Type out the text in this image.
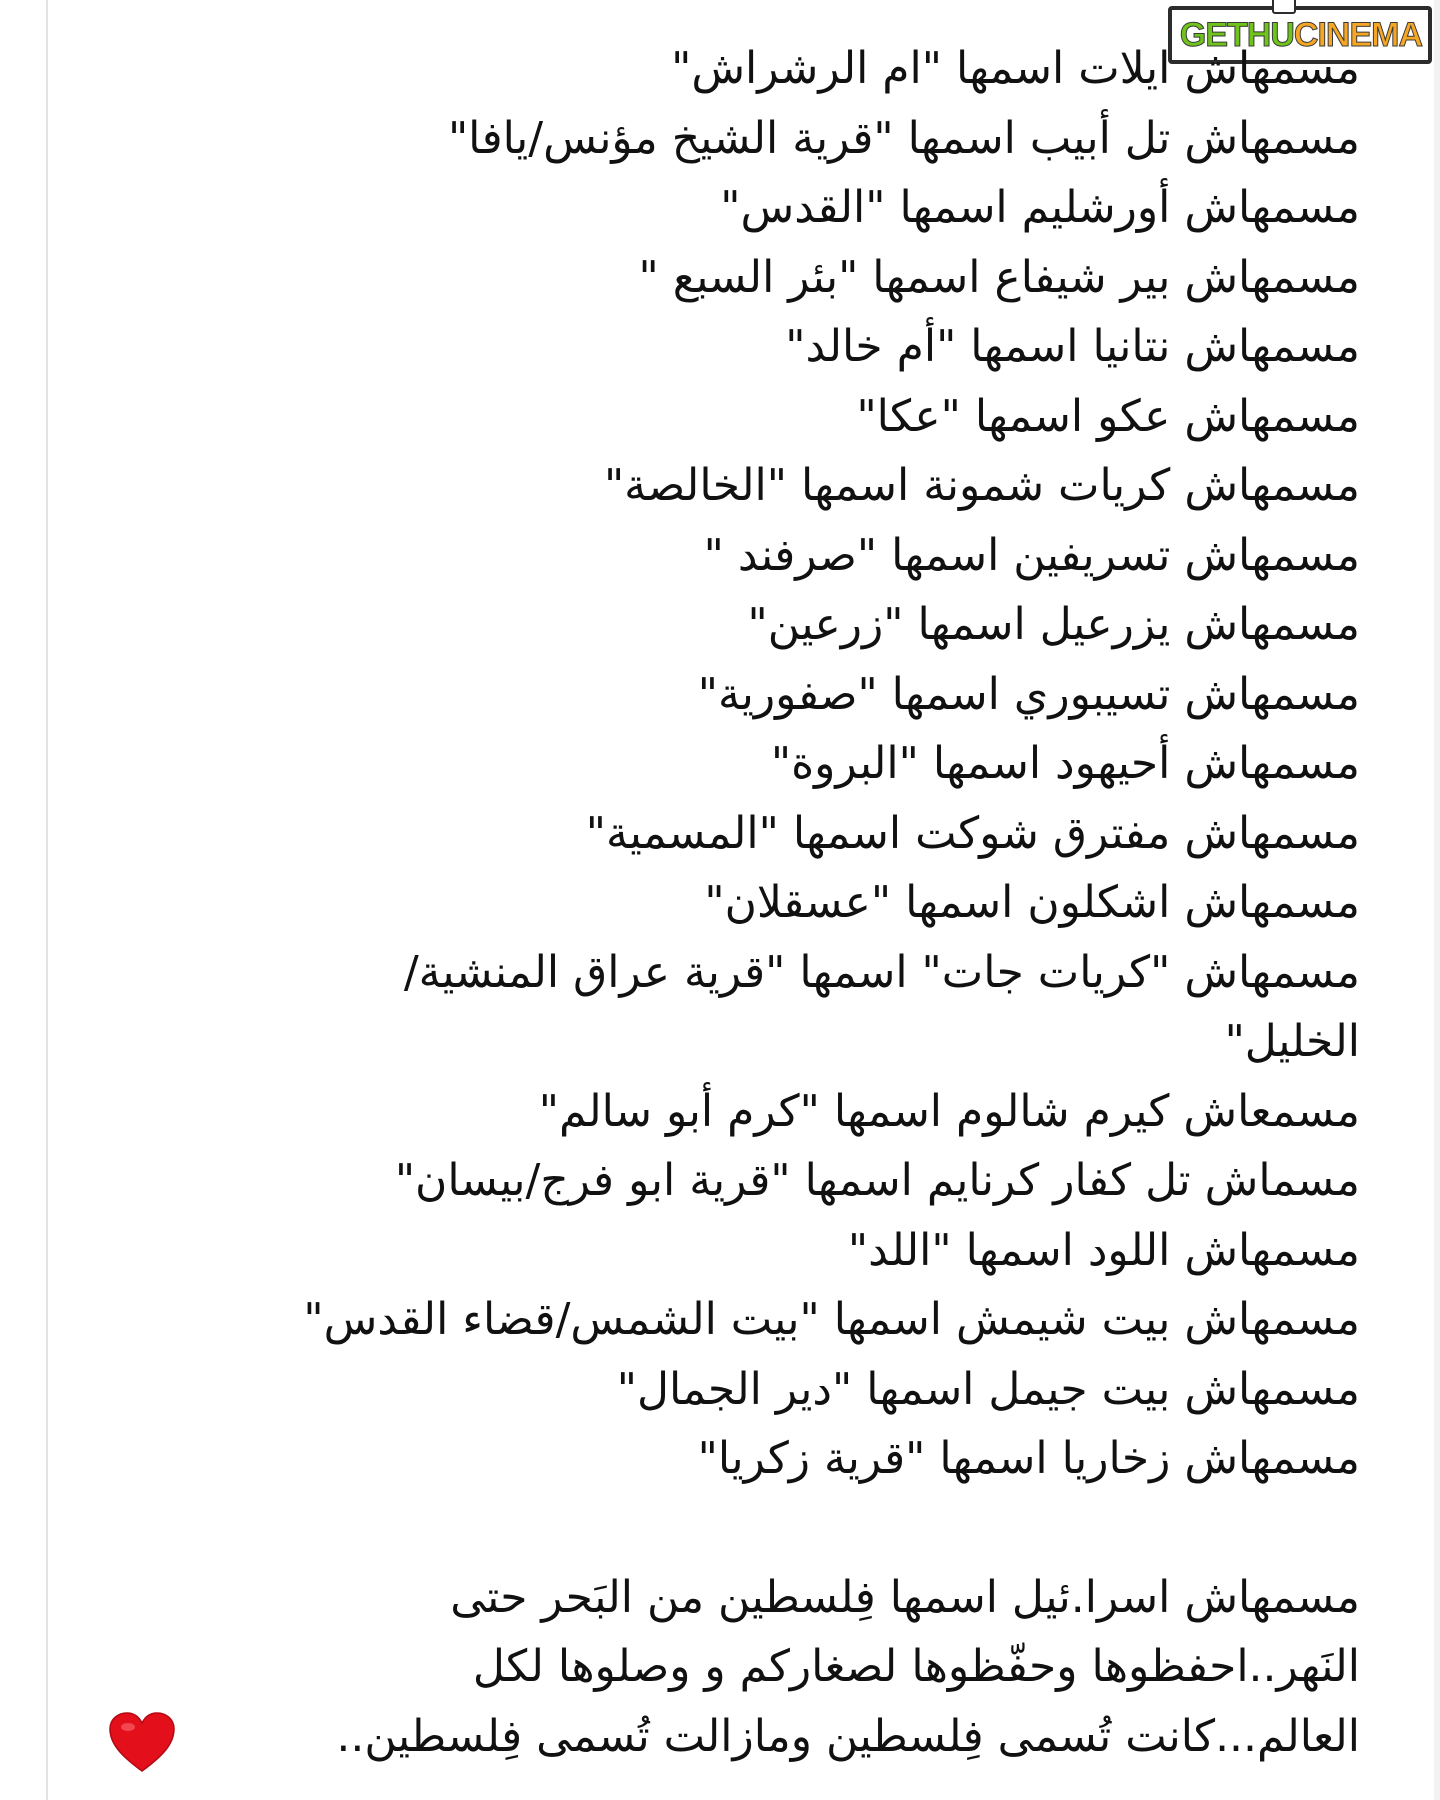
GETHU CINEMA
مسمهاش ايلات اسمها "ام الرشراش"
مسمهاش تل أبيب اسمها "قرية الشيخ مؤنس/يافا"
مسمهاش أورشليم اسمها "القدس"
مسمهاش بير شيفاع اسمها "بئر السبع "
مسمهاش نتانيا اسمها "أم خالد"
مسمهاش عكو اسمها "عكا"
مسمهاش كريات شمونة اسمها "الخالصة"
مسمهاش تسريفين اسمها "صرفند "
مسمهاش يزرعيل اسمها "زرعين"
مسمهاش تسيبوري اسمها "صفورية"
مسمهاش أحيهود اسمها "البروة"
مسمهاش مفترق شوكت اسمها "المسمية"
مسمهاش اشكلون اسمها "عسقلان"
مسمهاش "كريات جات" اسمها "قرية عراق المنشية/
الخليل"
مسمعاش كيرم شالوم اسمها "كرم أبو سالم"
مسماش تل كفار كرنايم اسمها "قرية ابو فرج/بيسان"
مسمهاش اللود اسمها "اللد"
مسمهاش بيت شيمش اسمها "بيت الشمس/قضاء القدس"
مسمهاش بيت جيمل اسمها "دير الجمال"
مسمهاش زخاريا اسمها "قرية زكريا"
مسمهاش اسرا.ئيل اسمها فِلسطين من البَحر حتى
النَهر..احفظوها وحفّظوها لصغاركم و وصلوها لكل
العالم...كانت تُسمى فِلسطين ومازالت تُسمى فِلسطين..
